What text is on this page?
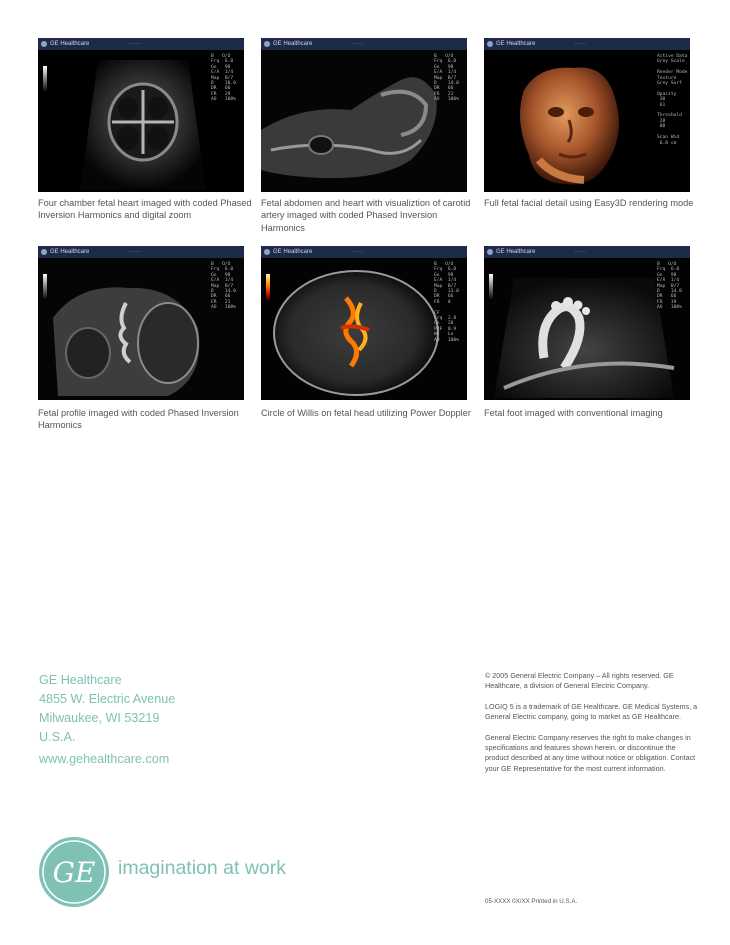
GE Healthcare	·······
B   O/O
Frq  6.0
Gn   98
E/A  1/4
Map  B/7
D    10.0
DR   66
FR   29
AO   100%
GE Healthcare	·······
B   O/O
Frq  6.0
Gn   98
E/A  1/4
Map  B/7
D    14.0
DR   66
FR   21
AO   100%
GE Healthcare	·······
Active Data
Grey Scale

Render Mode
Texture
Grey Surf

Opacity
30
61

Threshold
28
08

Scan Wid
6.8 cm
Four chamber fetal heart imaged with coded Phased Inversion Harmonics and digital zoom
Fetal abdomen and heart with visualiztion of carotid artery imaged with coded Phased Inversion Harmonics
Full fetal facial detail using Easy3D rendering mode
GE Healthcare	·······
B   O/O
Frq  6.0
Gn   98
E/A  1/4
Map  B/7
D    14.0
DR   66
FR   21
AO   100%
GE Healthcare	·······
B   O/O
Frq  6.0
Gn   98
E/A  1/4
Map  B/7
D    13.0
DR   66
FR   8

CF
Frq  2.8
Gn   20
PRF  0.9
WF   Lo
AO   100%
GE Healthcare	·······
B   O/O
Frq  6.0
Gn   98
E/A  1/4
Map  B/7
D    14.0
DR   66
FR   19
AO   100%
Fetal profile imaged with coded Phased Inversion Harmonics
Circle of Willis on fetal head utilizing Power Doppler	Fetal foot imaged with conventional imaging
GE Healthcare
4855 W. Electric Avenue
Milwaukee, WI 53219
U.S.A.
www.gehealthcare.com

© 2005 General Electric Company – All rights reserved. GE Healthcare, a division of General Electric Company.

LOGIQ 5 is a trademark of GE Healthcare. GE Medical Systems, a General Electric company, going to market as GE Healthcare.

General Electric Company reserves the right to make changes in specifications and features shown herein, or discontinue the product described at any time without notice or obligation. Contact your GE Representative for the most current information.

GE imagination at work
05-XXXX 0X/XX Printed in U.S.A.
